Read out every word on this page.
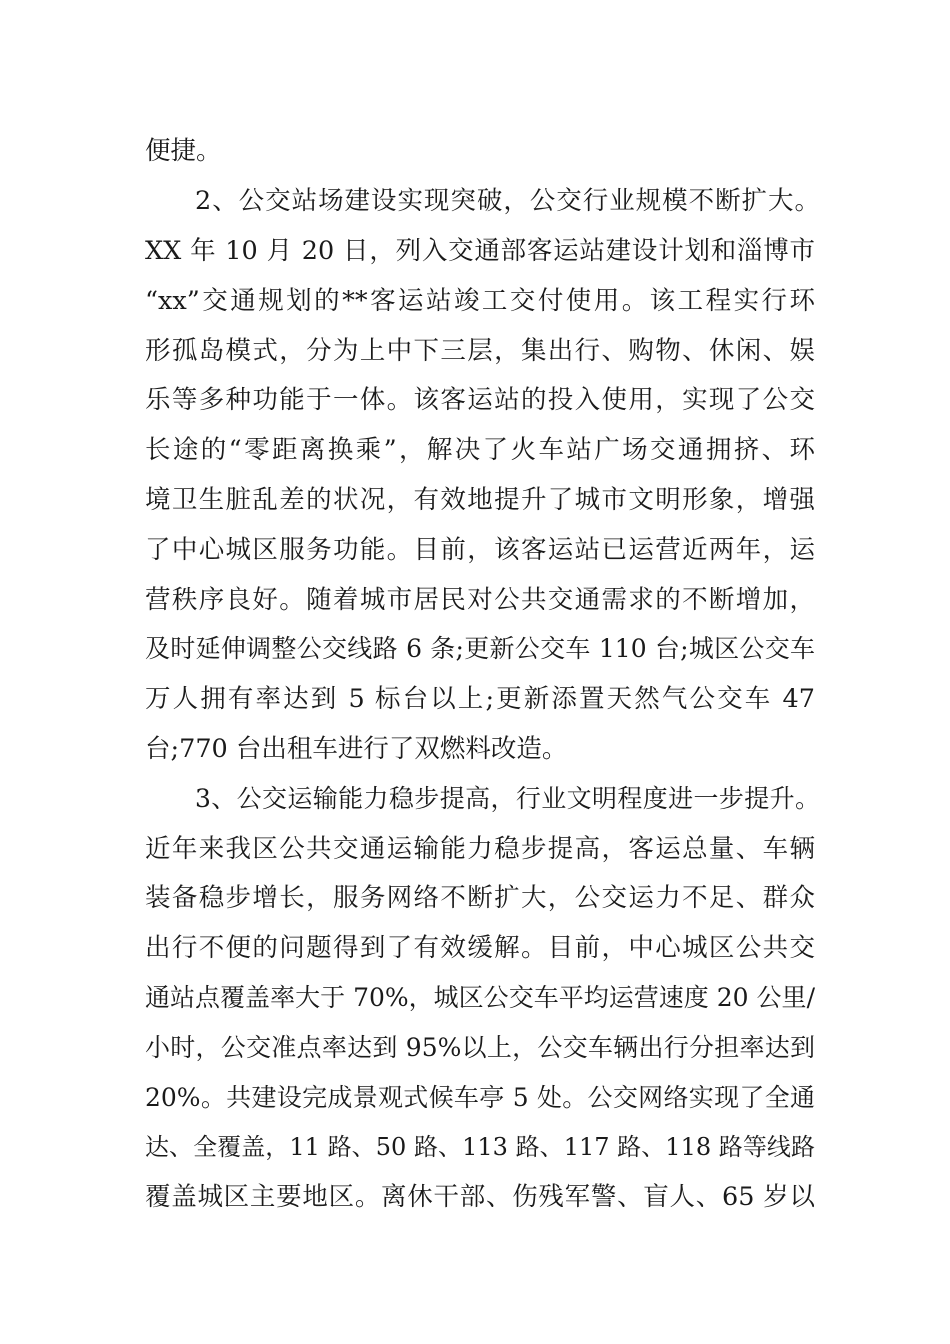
便捷。
2、公交站场建设实现突破，公交行业规模不断扩大。
XX 年 10 月 20 日，列入交通部客运站建设计划和淄博市
“xx”交通规划的**客运站竣工交付使用。该工程实行环
形孤岛模式，分为上中下三层，集出行、购物、休闲、娱
乐等多种功能于一体。该客运站的投入使用，实现了公交
长途的“零距离换乘”，解决了火车站广场交通拥挤、环
境卫生脏乱差的状况，有效地提升了城市文明形象，增强
了中心城区服务功能。目前，该客运站已运营近两年，运
营秩序良好。随着城市居民对公共交通需求的不断增加，
及时延伸调整公交线路 6 条;更新公交车 110 台;城区公交车
万人拥有率达到 5 标台以上;更新添置天然气公交车 47
台;770 台出租车进行了双燃料改造。
3、公交运输能力稳步提高，行业文明程度进一步提升。
近年来我区公共交通运输能力稳步提高，客运总量、车辆
装备稳步增长，服务网络不断扩大，公交运力不足、群众
出行不便的问题得到了有效缓解。目前，中心城区公共交
通站点覆盖率大于 70%，城区公交车平均运营速度 20 公里/
小时，公交准点率达到 95%以上，公交车辆出行分担率达到
20%。共建设完成景观式候车亭 5 处。公交网络实现了全通
达、全覆盖，11 路、50 路、113 路、117 路、118 路等线路
覆盖城区主要地区。离休干部、伤残军警、盲人、65 岁以
